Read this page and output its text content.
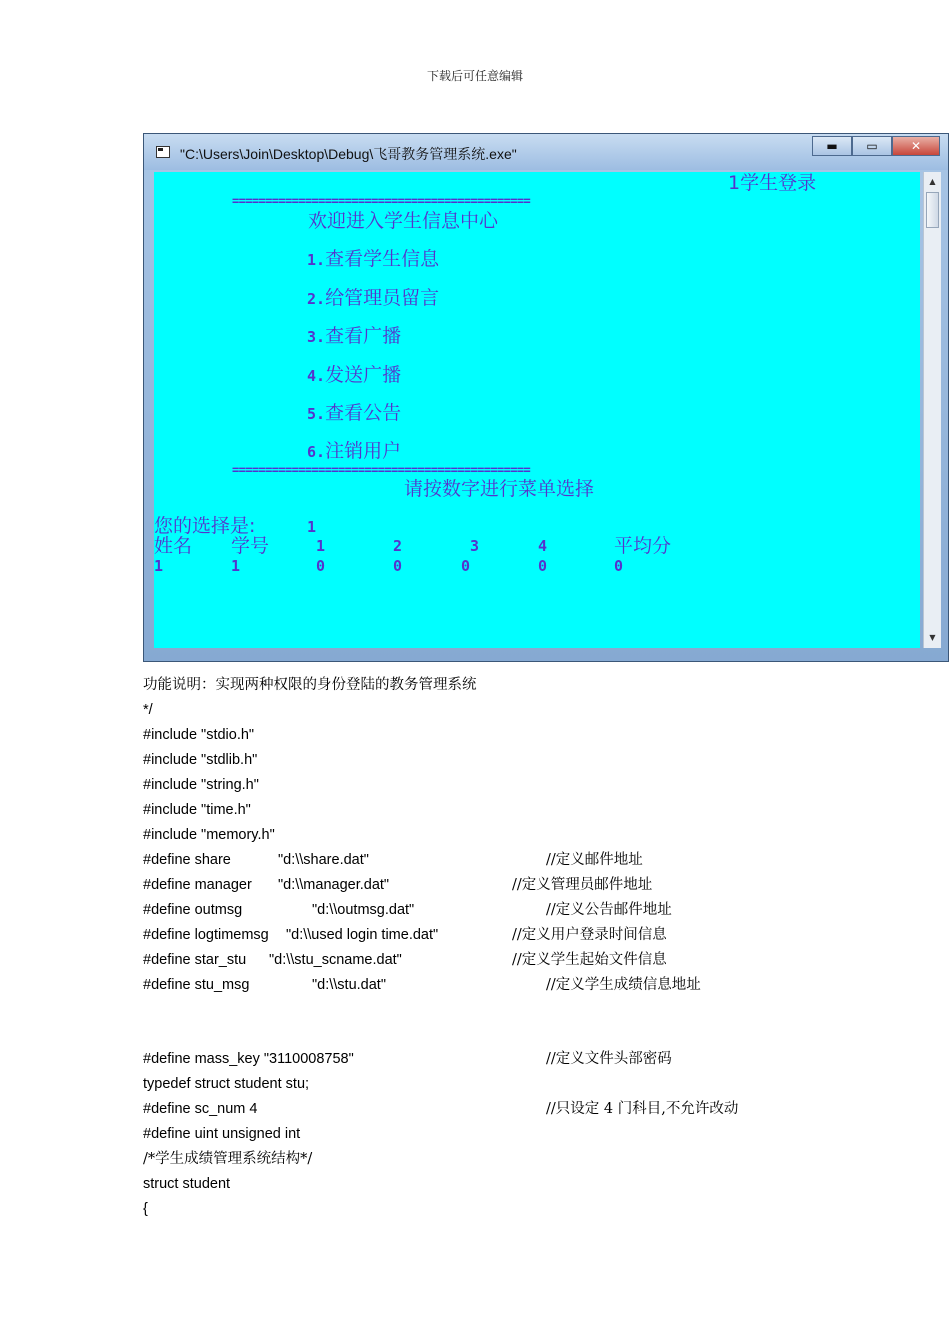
下载后可任意编辑
"C:\Users\Join\Desktop\Debug\飞哥教务管理系统.exe"	▬	▭	✕
1学生登录
=============================================
欢迎进入学生信息中心
1.查看学生信息
2.给管理员留言
3.查看广播
4.发送广播
5.查看公告
6.注销用户
=============================================
请按数字进行菜单选择
您的选择是:	1
姓名 学号	1	2	3	4	平均分
1	1	0	0	0	0	0
▲
▼
功能说明：实现两种权限的身份登陆的教务管理系统
*/
#include "stdio.h"
#include "stdlib.h"
#include "string.h"
#include "time.h"
#include "memory.h"
#define share	"d:\\share.dat"	//定义邮件地址
#define manager "d:\\manager.dat"	//定义管理员邮件地址
#define outmsg	"d:\\outmsg.dat"	//定义公告邮件地址
#define logtimemsg "d:\\used login time.dat"	//定义用户登录时间信息
#define star_stu "d:\\stu_scname.dat"	//定义学生起始文件信息
#define stu_msg	"d:\\stu.dat"	//定义学生成绩信息地址
#define mass_key "3110008758"	//定义文件头部密码
typedef struct student stu;
#define sc_num 4	//只设定 4 门科目,不允许改动
#define uint unsigned int
/*学生成绩管理系统结构*/
struct student
{
